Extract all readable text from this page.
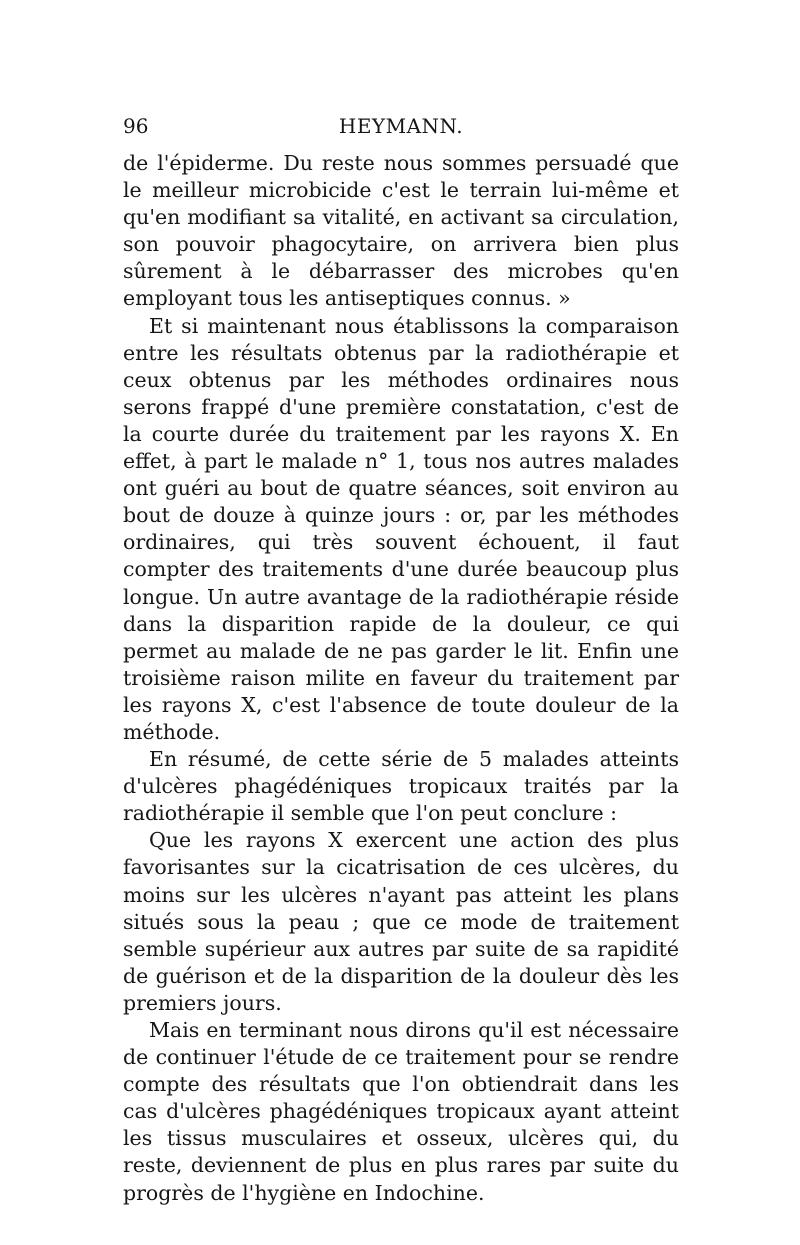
96	HEYMANN.

de l'épiderme. Du reste nous sommes persuadé que le meilleur microbicide c'est le terrain lui-même et qu'en modifiant sa vitalité, en activant sa circulation, son pouvoir phagocytaire, on arrivera bien plus sûrement à le débarrasser des microbes qu'en employant tous les antiseptiques connus. »

Et si maintenant nous établissons la comparaison entre les résultats obtenus par la radiothérapie et ceux obtenus par les méthodes ordinaires nous serons frappé d'une première constatation, c'est de la courte durée du traitement par les rayons X. En effet, à part le malade n° 1, tous nos autres malades ont guéri au bout de quatre séances, soit environ au bout de douze à quinze jours : or, par les méthodes ordinaires, qui très souvent échouent, il faut compter des traitements d'une durée beaucoup plus longue. Un autre avantage de la radiothérapie réside dans la disparition rapide de la douleur, ce qui permet au malade de ne pas garder le lit. Enfin une troisième raison milite en faveur du traitement par les rayons X, c'est l'absence de toute douleur de la méthode.

En résumé, de cette série de 5 malades atteints d'ulcères phagédéniques tropicaux traités par la radiothérapie il semble que l'on peut conclure :

Que les rayons X exercent une action des plus favorisantes sur la cicatrisation de ces ulcères, du moins sur les ulcères n'ayant pas atteint les plans situés sous la peau ; que ce mode de traitement semble supérieur aux autres par suite de sa rapidité de guérison et de la disparition de la douleur dès les premiers jours.

Mais en terminant nous dirons qu'il est nécessaire de continuer l'étude de ce traitement pour se rendre compte des résultats que l'on obtiendrait dans les cas d'ulcères phagédéniques tropicaux ayant atteint les tissus musculaires et osseux, ulcères qui, du reste, deviennent de plus en plus rares par suite du progrès de l'hygiène en Indochine.
